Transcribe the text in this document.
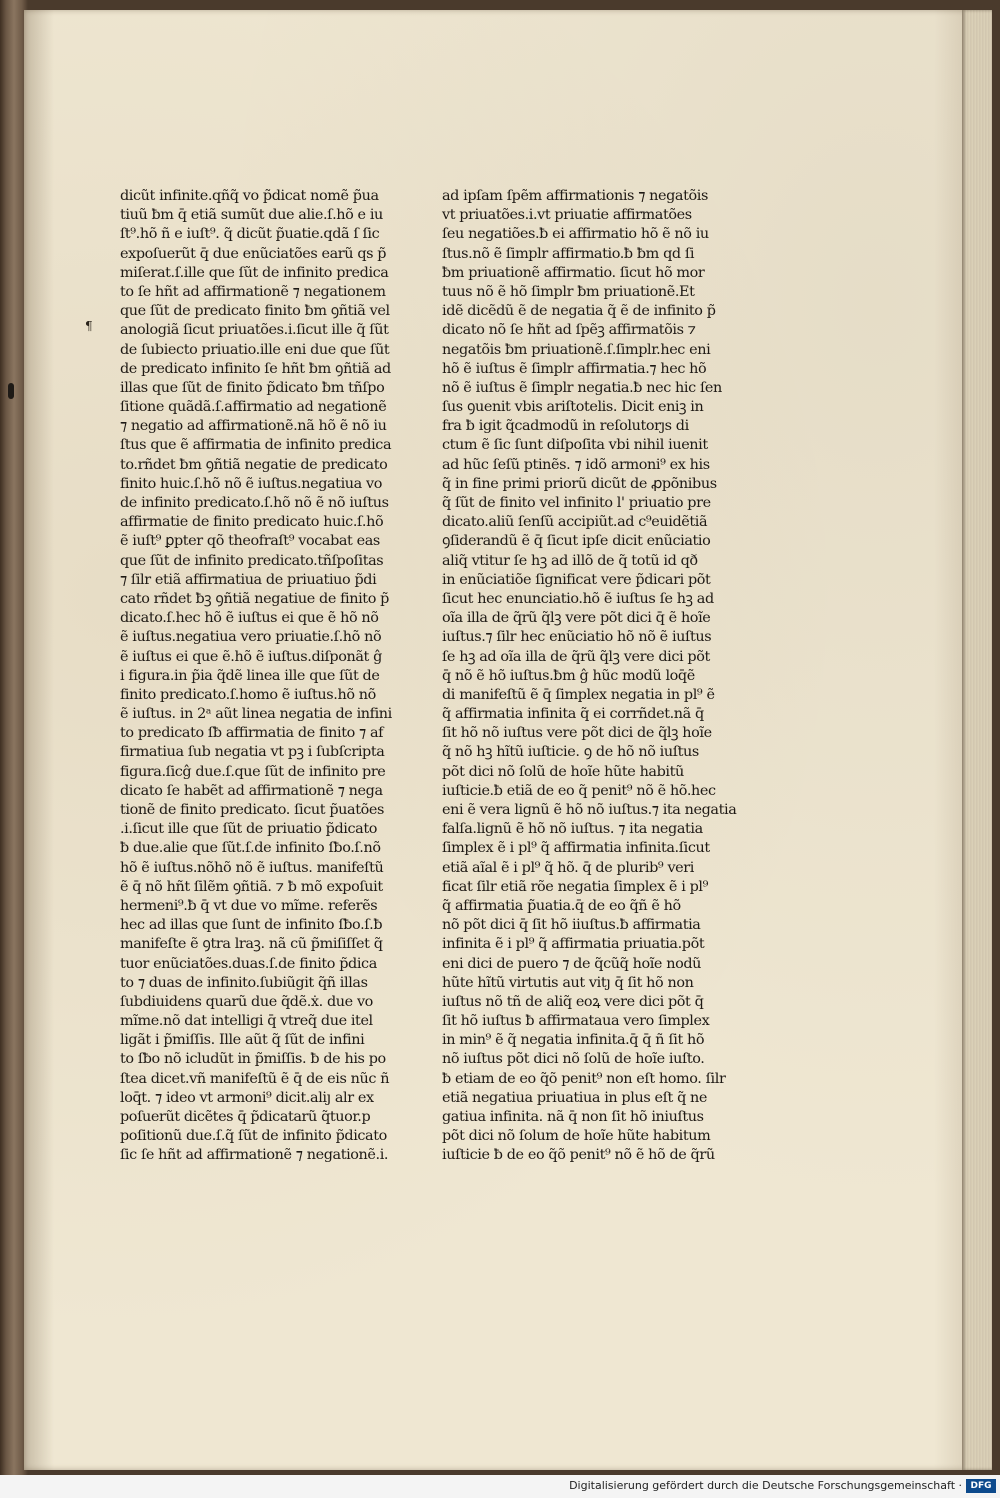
¶
dicũt infinite.qñq̃ vo p̃dicat nomẽ p̃ua
tiuũ ƀm q̄ etiã sumũt due alie.ſ.hõ e iu
ſt⁹.hõ ñ e iuſt⁹. q̃ dicũt p̃uatie.qdã ſ ſic
expoſuerũt q̄ due enũciatões earũ qs p̃
miſerat.ſ.ille que ſũt de infinito predica
to ſe hñt ad affirmationẽ ⁊ negationem
que ſũt de predicato finito ƀm ꝯñtiã vel
anologiã ſicut priuatões.i.ſicut ille q̃ ſũt
de ſubiecto priuatio.ille eni due que ſũt
de predicato infinito ſe hñt ƀm ꝯñtiã ad
illas que ſũt de finito p̃dicato ƀm tñſpo
ſitione quãdã.ſ.affirmatio ad negationẽ
⁊ negatio ad affirmationẽ.nã hõ ẽ nõ iu
ſtus que ẽ affirmatia de infinito predica
to.rñdet ƀm ꝯñtiã negatie de predicato
finito huic.ſ.hõ nõ ẽ iuſtus.negatiua vo
de infinito predicato.ſ.hõ nõ ẽ nõ iuſtus
affirmatie de finito predicato huic.ſ.hõ
ẽ iuſt⁹ ꝑpter qõ theofraſt⁹ vocabat eas
que ſũt de infinito predicato.tñſpoſitas
⁊ ſilr etiã affirmatiua de priuatiuo p̃di
cato rñdet ƀꝫ ꝯñtiã negatiue de finito p̃
dicato.ſ.hec hõ ẽ iuſtus ei que ẽ hõ nõ
ẽ iuſtus.negatiua vero priuatie.ſ.hõ nõ
ẽ iuſtus ei que ẽ.hõ ẽ iuſtus.diſponãt ĝ
i figura.in p̃ia q̃dẽ linea ille que ſũt de
finito predicato.ſ.homo ẽ iuſtus.hõ nõ
ẽ iuſtus. in 2ᵃ aũt linea negatia de infini
to predicato ſƀ affirmatia de finito ⁊ af
firmatiua ſub negatia vt pꝫ i ſubſcripta
figura.ſicĝ due.ſ.que ſũt de infinito pre
dicato ſe habẽt ad affirmationẽ ⁊ nega
tionẽ de finito predicato. ſicut p̃uatões
.i.ſicut ille que ſũt de priuatio p̃dicato
ƀ due.alie que ſũt.ſ.de infinito ſƀo.ſ.nõ
hõ ẽ iuſtus.nõhõ nõ ẽ iuſtus. manifeſtũ
ẽ q̄ nõ hñt ſilẽm ꝯñtiã. ⁊ ƀ mõ expoſuit
hermeni⁹.ƀ q̄ vt due vo mĩme. referẽs
hec ad illas que ſunt de infinito ſƀo.ſ.ƀ
manifeſte ẽ ꝯtra lraꝫ. nã cũ p̃miſiſſet q̃
tuor enũciatões.duas.ſ.de finito p̃dica
to ⁊ duas de infinito.ſubiũgit q̃ñ illas
ſubdiuidens quarũ due q̃dẽ.ẋ. due vo
mĩme.nõ dat intelligi q̄ vtreq̃ due itel
ligãt i p̃miſſis. Ille aũt q̃ ſũt de infini
to ſƀo nõ icludũt in p̃miſſis. ƀ de his po
ſtea dicet.vñ manifeſtũ ẽ q̄ de eis nũc ñ
loq̄t. ⁊ ideo vt armoni⁹ dicit.aliȷ alr ex
poſuerũt dicẽtes q̄ p̃dicatarũ q̃tuor.p
poſitionũ due.ſ.q̃ ſũt de infinito p̃dicato
ſic ſe hñt ad affirmationẽ ⁊ negationẽ.i.
ad ipſam ſpẽm affirmationis ⁊ negatõis
vt priuatões.i.vt priuatie affirmatões
ſeu negatiões.ƀ ei affirmatio hõ ẽ nõ iu
ſtus.nõ ẽ ſimplr affirmatio.ƀ ƀm qd ſi
ƀm priuationẽ affirmatio. ſicut hõ mor
tuus nõ ẽ hõ ſimplr ƀm priuationẽ.Et
idẽ dicẽdũ ẽ de negatia q̃ ẽ de infinito p̃
dicato nõ ſe hñt ad ſpẽꝫ affirmatõis ⁊
negatõis ƀm priuationẽ.ſ.ſimplr.hec eni
hõ ẽ iuſtus ẽ ſimplr affirmatia.⁊ hec hõ
nõ ẽ iuſtus ẽ ſimplr negatia.ƀ nec hic ſen
ſus ꝯuenit vbis ariſtotelis. Dicit eniꝫ in
fra ƀ igit q̃cadmodũ in reſolutorȷs di
ctum ẽ ſic ſunt diſpoſita vbi nihil iuenit
ad hũc ſeſũ ptinẽs. ⁊ idõ armoni⁹ ex his
q̃ in fine primi priorũ dicũt de ꝓpõnibus
q̃ ſũt de finito vel infinito l' priuatio pre
dicato.aliũ ſenſũ accipiũt.ad c⁹euidẽtiã
ꝯſiderandũ ẽ q̄ ſicut ipſe dicit enũciatio
aliq̃ vtitur ſe hꝫ ad illõ de q̃ totũ id qð
in enũciatiõe ſignificat vere p̃dicari põt
ſicut hec enunciatio.hõ ẽ iuſtus ſe hꝫ ad
oĩa illa de q̃rũ q̃lꝫ vere põt dici q̄ ẽ hoĩe
iuſtus.⁊ ſilr hec enũciatio hõ nõ ẽ iuſtus
ſe hꝫ ad oĩa illa de q̃rũ q̃lꝫ vere dici põt
q̄ nõ ẽ hõ iuſtus.ƀm ĝ hũc modũ loq̄ẽ
di manifeſtũ ẽ q̄ ſimplex negatia in pl⁹ ẽ
q̃ affirmatia infinita q̃ ei corrñdet.nã q̄
ſit hõ nõ iuſtus vere põt dici de q̃lꝫ hoĩe
q̃ nõ hꝫ hĩtũ iuſticie. ꝯ de hõ nõ iuſtus
põt dici nõ ſolũ de hoĩe hũte habitũ
iuſticie.ƀ etiã de eo q̃ penit⁹ nõ ẽ hõ.hec
eni ẽ vera lignũ ẽ hõ nõ iuſtus.⁊ ita negatia
falſa.lignũ ẽ hõ nõ iuſtus. ⁊ ita negatia
ſimplex ẽ i pl⁹ q̃ affirmatia infinita.ſicut
etiã aĩal ẽ i pl⁹ q̃ hõ. q̄ de plurib⁹ veri
ficat ſilr etiã rõe negatia ſimplex ẽ i pl⁹
q̃ affirmatia p̃uatia.q̄ de eo q̃ñ ẽ hõ
nõ põt dici q̄ ſit hõ iiuſtus.ƀ affirmatia
infinita ẽ i pl⁹ q̃ affirmatia priuatia.põt
eni dici de puero ⁊ de q̃cũq̃ hoĩe nodũ
hũte hĩtũ virtutis aut vitȷ q̄ ſit hõ non
iuſtus nõ tñ de aliq̃ eoꝝ vere dici põt q̄
ſit hõ iuſtus ƀ affirmataua vero ſimplex
in min⁹ ẽ q̃ negatia infinita.q̄ q̄ ñ ſit hõ
nõ iuſtus põt dici nõ ſolũ de hoĩe iuſto.
ƀ etiam de eo q̃õ penit⁹ non eſt homo. ſilr
etiã negatiua priuatiua in plus eſt q̃ ne
gatiua infinita. nã q̄ non ſit hõ iniuſtus
põt dici nõ ſolum de hoĩe hũte habitum
iuſticie ƀ de eo q̃õ penit⁹ nõ ẽ hõ de q̃rũ
Digitalisierung gefördert durch die Deutsche Forschungsgemeinschaft · DFG
